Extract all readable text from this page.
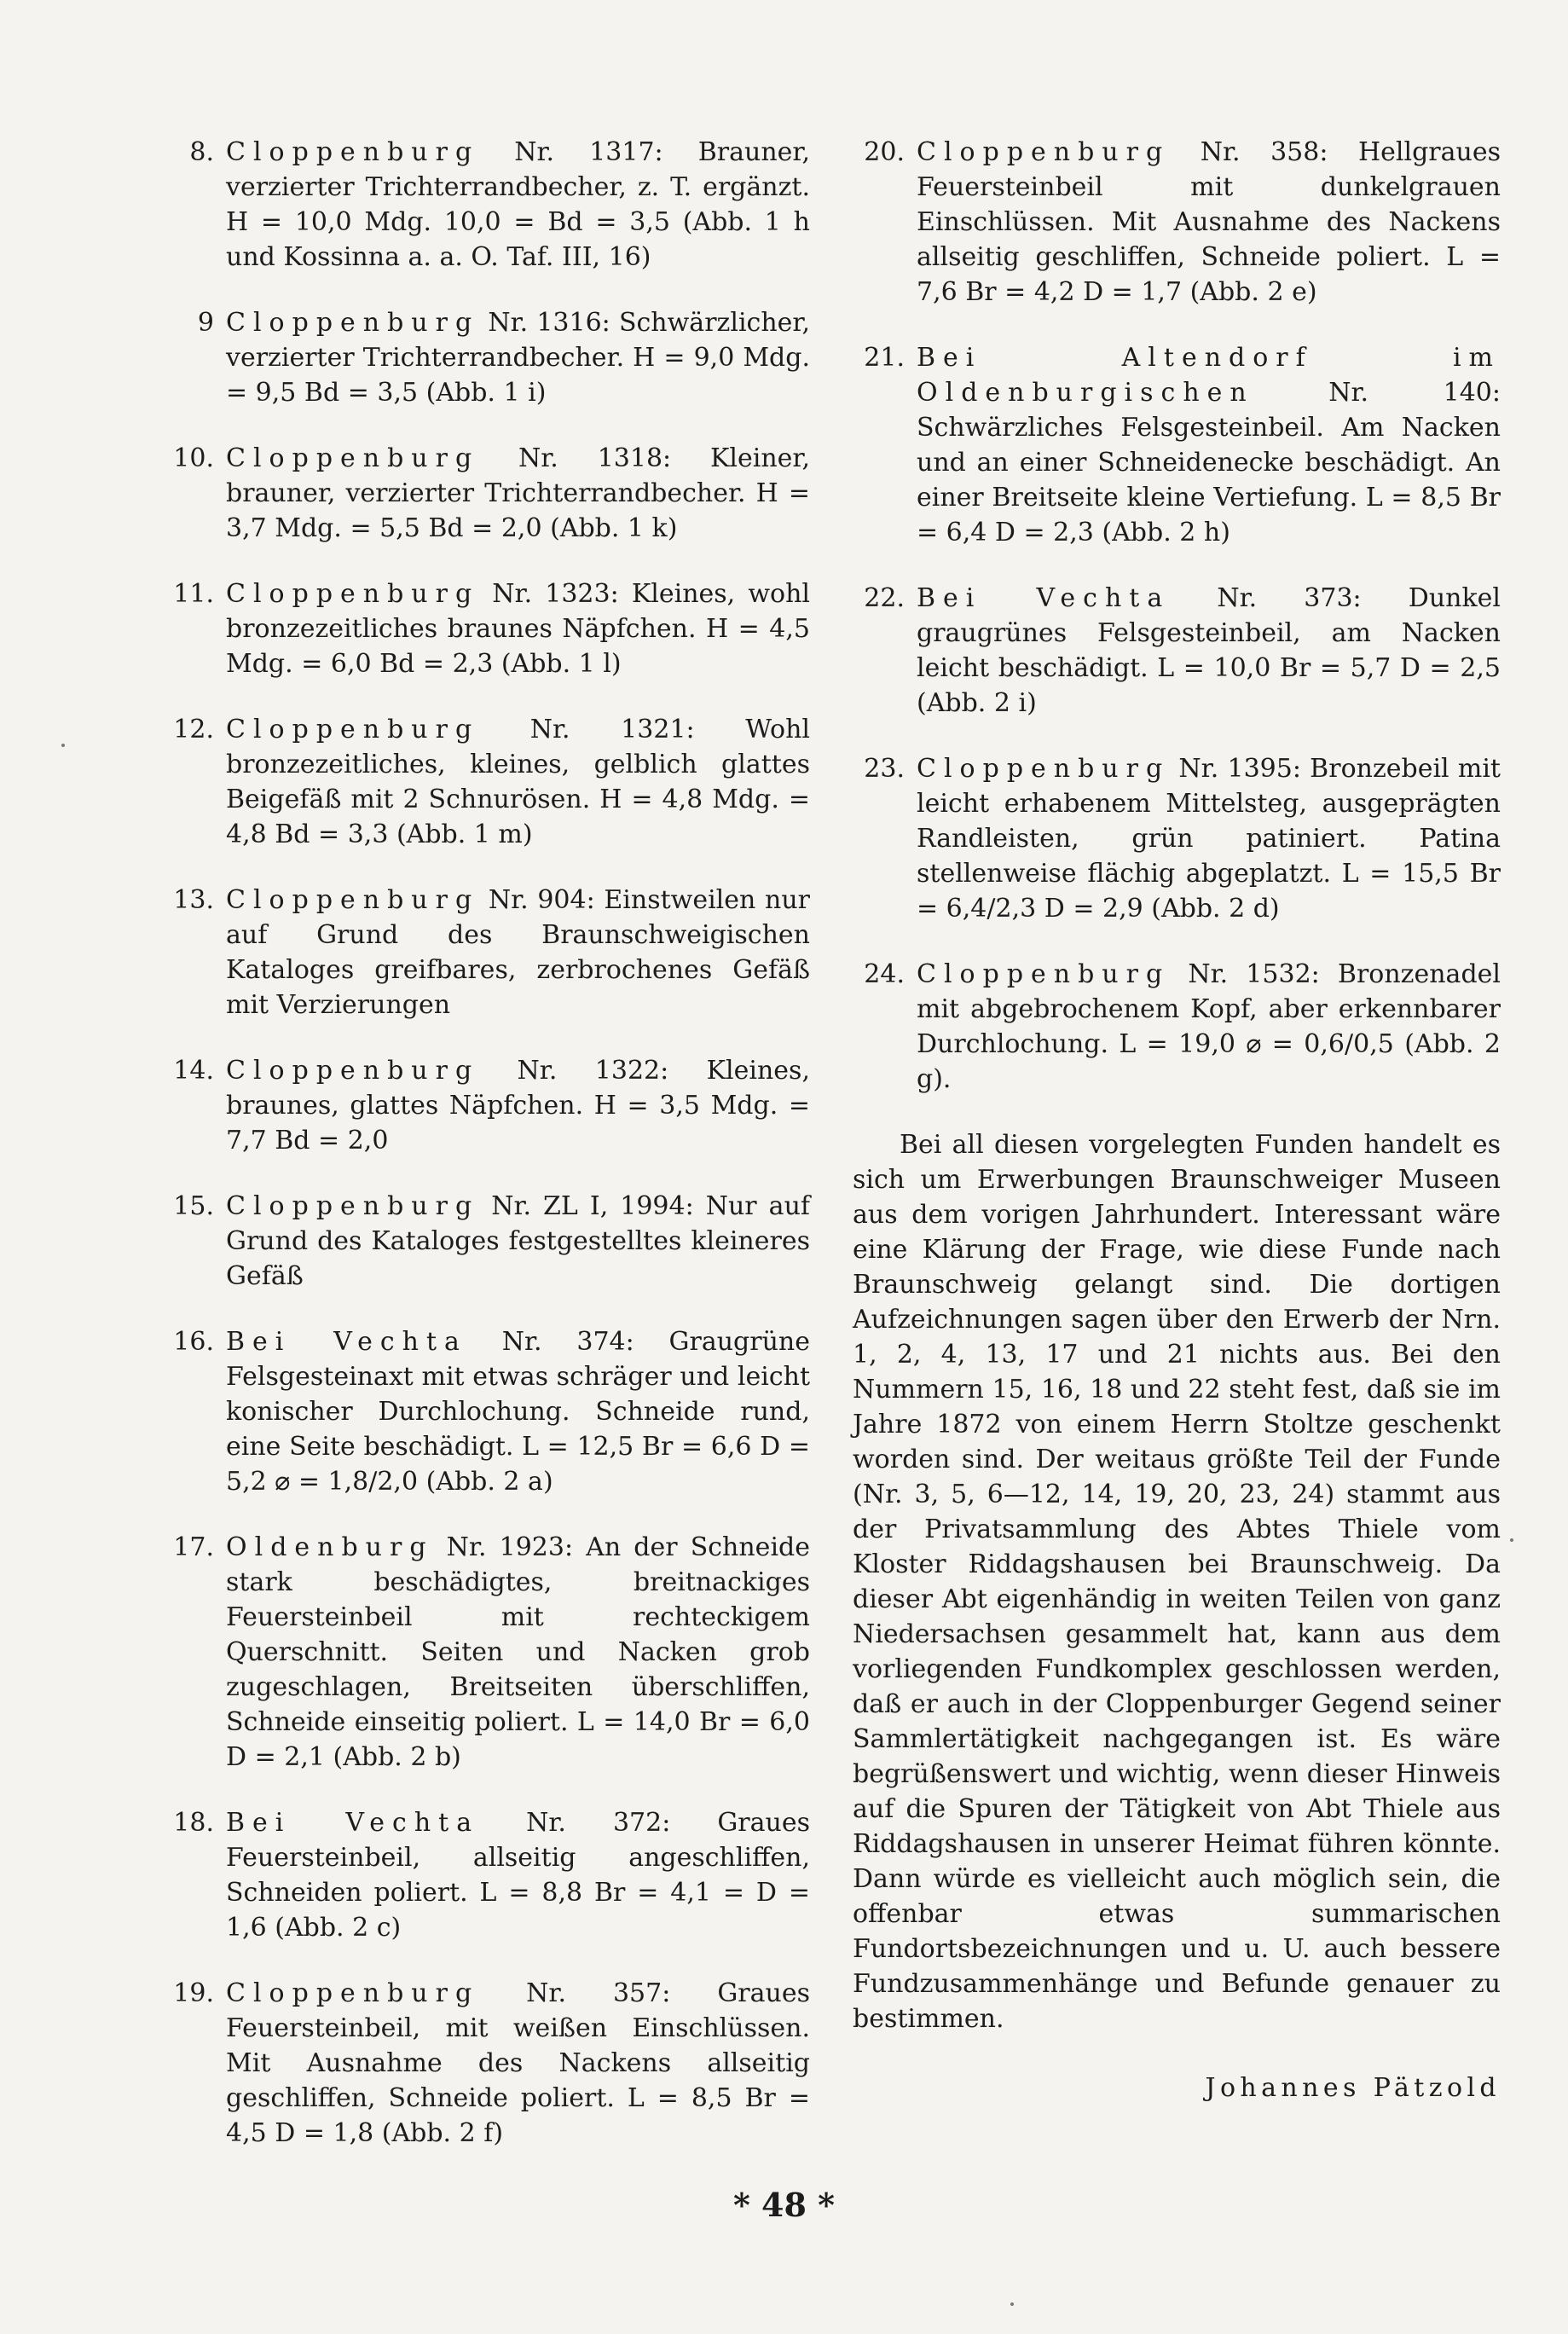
8. Cloppenburg Nr. 1317: Brauner, verzierter Trichterrandbecher, z. T. ergänzt. H = 10,0 Mdg. 10,0 = Bd = 3,5 (Abb. 1 h und Kossinna a. a. O. Taf. III, 16)
9 Cloppenburg Nr. 1316: Schwärzlicher, verzierter Trichterrandbecher. H = 9,0 Mdg. = 9,5 Bd = 3,5 (Abb. 1 i)
10. Cloppenburg Nr. 1318: Kleiner, brauner, verzierter Trichterrandbecher. H = 3,7 Mdg. = 5,5 Bd = 2,0 (Abb. 1 k)
11. Cloppenburg Nr. 1323: Kleines, wohl bronzezeitliches braunes Näpfchen. H = 4,5 Mdg. = 6,0 Bd = 2,3 (Abb. 1 l)
12. Cloppenburg Nr. 1321: Wohl bronzezeitliches, kleines, gelblich glattes Beigefäß mit 2 Schnurösen. H = 4,8 Mdg. = 4,8 Bd = 3,3 (Abb. 1 m)
13. Cloppenburg Nr. 904: Einstweilen nur auf Grund des Braunschweigischen Kataloges greifbares, zerbrochenes Gefäß mit Verzierungen
14. Cloppenburg Nr. 1322: Kleines, braunes, glattes Näpfchen. H = 3,5 Mdg. = 7,7 Bd = 2,0
15. Cloppenburg Nr. ZL I, 1994: Nur auf Grund des Kataloges festgestelltes kleineres Gefäß
16. Bei Vechta Nr. 374: Graugrüne Felsgesteinaxt mit etwas schräger und leicht konischer Durchlochung. Schneide rund, eine Seite beschädigt. L = 12,5 Br = 6,6 D = 5,2 ⌀ = 1,8/2,0 (Abb. 2 a)
17. Oldenburg Nr. 1923: An der Schneide stark beschädigtes, breitnackiges Feuersteinbeil mit rechteckigem Querschnitt. Seiten und Nacken grob zugeschlagen, Breitseiten überschliffen, Schneide einseitig poliert. L = 14,0 Br = 6,0 D = 2,1 (Abb. 2 b)
18. Bei Vechta Nr. 372: Graues Feuersteinbeil, allseitig angeschliffen, Schneiden poliert. L = 8,8 Br = 4,1 = D = 1,6 (Abb. 2 c)
19. Cloppenburg Nr. 357: Graues Feuersteinbeil, mit weißen Einschlüssen. Mit Ausnahme des Nackens allseitig geschliffen, Schneide poliert. L = 8,5 Br = 4,5 D = 1,8 (Abb. 2 f)
20. Cloppenburg Nr. 358: Hellgraues Feuersteinbeil mit dunkelgrauen Einschlüssen. Mit Ausnahme des Nackens allseitig geschliffen, Schneide poliert. L = 7,6 Br = 4,2 D = 1,7 (Abb. 2 e)
21. Bei Altendorf im Oldenburgischen Nr. 140: Schwärzliches Felsgesteinbeil. Am Nacken und an einer Schneidenecke beschädigt. An einer Breitseite kleine Vertiefung. L = 8,5 Br = 6,4 D = 2,3 (Abb. 2 h)
22. Bei Vechta Nr. 373: Dunkel graugrünes Felsgesteinbeil, am Nacken leicht beschädigt. L = 10,0 Br = 5,7 D = 2,5 (Abb. 2 i)
23. Cloppenburg Nr. 1395: Bronzebeil mit leicht erhabenem Mittelsteg, ausgeprägten Randleisten, grün patiniert. Patina stellenweise flächig abgeplatzt. L = 15,5 Br = 6,4/2,3 D = 2,9 (Abb. 2 d)
24. Cloppenburg Nr. 1532: Bronzenadel mit abgebrochenem Kopf, aber erkennbarer Durchlochung. L = 19,0 ⌀ = 0,6/0,5 (Abb. 2 g).
Bei all diesen vorgelegten Funden handelt es sich um Erwerbungen Braunschweiger Museen aus dem vorigen Jahrhundert. Interessant wäre eine Klärung der Frage, wie diese Funde nach Braunschweig gelangt sind. Die dortigen Aufzeichnungen sagen über den Erwerb der Nrn. 1, 2, 4, 13, 17 und 21 nichts aus. Bei den Nummern 15, 16, 18 und 22 steht fest, daß sie im Jahre 1872 von einem Herrn Stoltze geschenkt worden sind. Der weitaus größte Teil der Funde (Nr. 3, 5, 6—12, 14, 19, 20, 23, 24) stammt aus der Privatsammlung des Abtes Thiele vom Kloster Riddagshausen bei Braunschweig. Da dieser Abt eigenhändig in weiten Teilen von ganz Niedersachsen gesammelt hat, kann aus dem vorliegenden Fundkomplex geschlossen werden, daß er auch in der Cloppenburger Gegend seiner Sammlertätigkeit nachgegangen ist. Es wäre begrüßenswert und wichtig, wenn dieser Hinweis auf die Spuren der Tätigkeit von Abt Thiele aus Riddagshausen in unserer Heimat führen könnte. Dann würde es vielleicht auch möglich sein, die offenbar etwas summarischen Fundortsbezeichnungen und u. U. auch bessere Fundzusammenhänge und Befunde genauer zu bestimmen.
Johannes Pätzold
* 48 *
